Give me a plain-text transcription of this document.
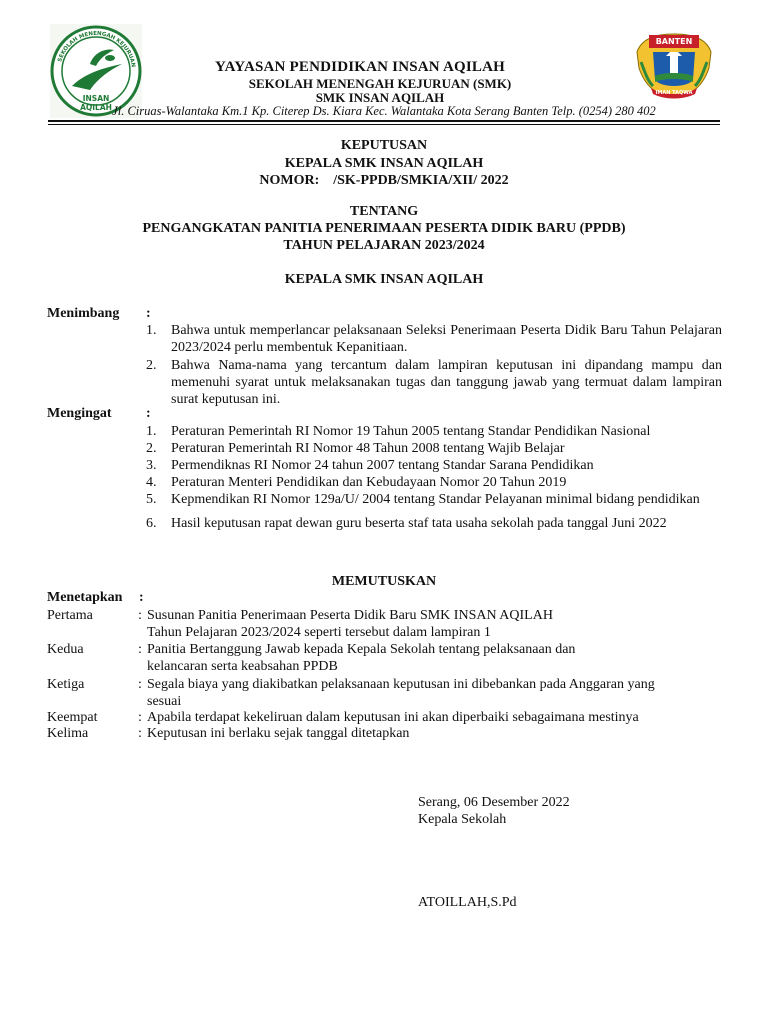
SEKOLAH MENENGAH KEJURUAN
INSAN AQILAH
BANTEN
IMAN TAQWA
YAYASAN PENDIDIKAN INSAN AQILAH
SEKOLAH MENENGAH KEJURUAN (SMK)
SMK INSAN AQILAH
Jl. Ciruas-Walantaka Km.1 Kp. Citerep Ds. Kiara Kec. Walantaka Kota Serang Banten Telp. (0254) 280 402
KEPUTUSAN
KEPALA SMK INSAN AQILAH
NOMOR:    /SK-PPDB/SMKIA/XII/ 2022
TENTANG
PENGANGKATAN PANITIA PENERIMAAN PESERTA DIDIK BARU (PPDB)
TAHUN PELAJARAN 2023/2024
KEPALA SMK INSAN AQILAH
Menimbang :
1. Bahwa untuk memperlancar pelaksanaan Seleksi Penerimaan Peserta Didik Baru Tahun Pelajaran 2023/2024 perlu membentuk Kepanitiaan.
2. Bahwa Nama-nama yang tercantum dalam lampiran keputusan ini dipandang mampu dan memenuhi syarat untuk melaksanakan tugas dan tanggung jawab yang termuat dalam lampiran surat keputusan ini.
Mengingat :
1. Peraturan Pemerintah RI Nomor 19 Tahun 2005 tentang Standar Pendidikan Nasional
2. Peraturan Pemerintah RI Nomor 48 Tahun 2008 tentang Wajib Belajar
3. Permendiknas RI Nomor 24 tahun 2007 tentang Standar Sarana Pendidikan
4. Peraturan Menteri Pendidikan dan Kebudayaan Nomor 20 Tahun 2019
5. Kepmendikan RI Nomor 129a/U/ 2004 tentang Standar Pelayanan minimal bidang pendidikan
6. Hasil keputusan rapat dewan guru beserta staf tata usaha sekolah pada tanggal Juni 2022
MEMUTUSKAN
Menetapkan :
Pertama	: Susunan Panitia Penerimaan Peserta Didik Baru SMK INSAN AQILAH
Tahun Pelajaran 2023/2024 seperti tersebut dalam lampiran 1
Kedua	: Panitia Bertanggung Jawab kepada Kepala Sekolah tentang pelaksanaan dan
kelancaran serta keabsahan PPDB
Ketiga	: Segala biaya yang diakibatkan pelaksanaan keputusan ini dibebankan pada Anggaran yang
sesuai
Keempat	: Apabila terdapat kekeliruan dalam keputusan ini akan diperbaiki sebagaimana mestinya
Kelima	: Keputusan ini berlaku sejak tanggal ditetapkan
Serang, 06 Desember 2022
Kepala Sekolah
ATOILLAH,S.Pd
